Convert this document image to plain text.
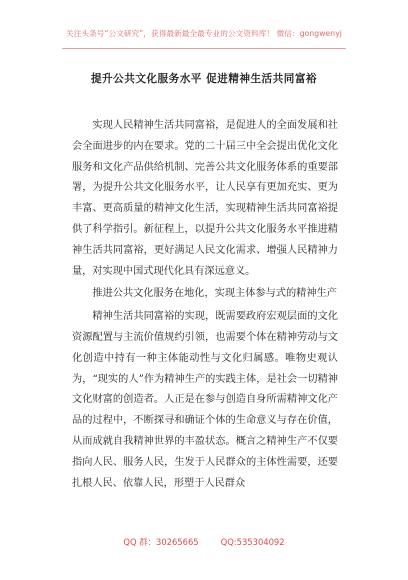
关注头条号“公文研究”，获得最新最全最专业的公文资料库！ 微信：gongwenyj
提升公共文化服务水平 促进精神生活共同富裕

实现人民精神生活共同富裕，是促进人的全面发展和社会全面进步的内在要求。党的二十届三中全会提出优化文化服务和文化产品供给机制、完善公共文化服务体系的重要部署，为提升公共文化服务水平，让人民享有更加充实、更为丰富、更高质量的精神文化生活，实现精神生活共同富裕提供了科学指引。新征程上，以提升公共文化服务水平推进精神生活共同富裕，更好满足人民文化需求、增强人民精神力量，对实现中国式现代化具有深远意义。

推进公共文化服务在地化，实现主体参与式的精神生产

精神生活共同富裕的实现，既需要政府宏观层面的文化资源配置与主流价值规约引领，也需要个体在精神劳动与文化创造中持有一种主体能动性与文化归属感。唯物史观认为，“现实的人”作为精神生产的实践主体，是社会一切精神文化财富的创造者。人正是在参与创造自身所需精神文化产品的过程中，不断探寻和确证个体的生命意义与存在价值，从而成就自我精神世界的丰盈状态。概言之精神生产不仅要指向人民、服务人民，生发于人民群众的主体性需要，还要扎根人民、依靠人民，形塑于人民群众

QQ 群：30265665	QQ:535304092
